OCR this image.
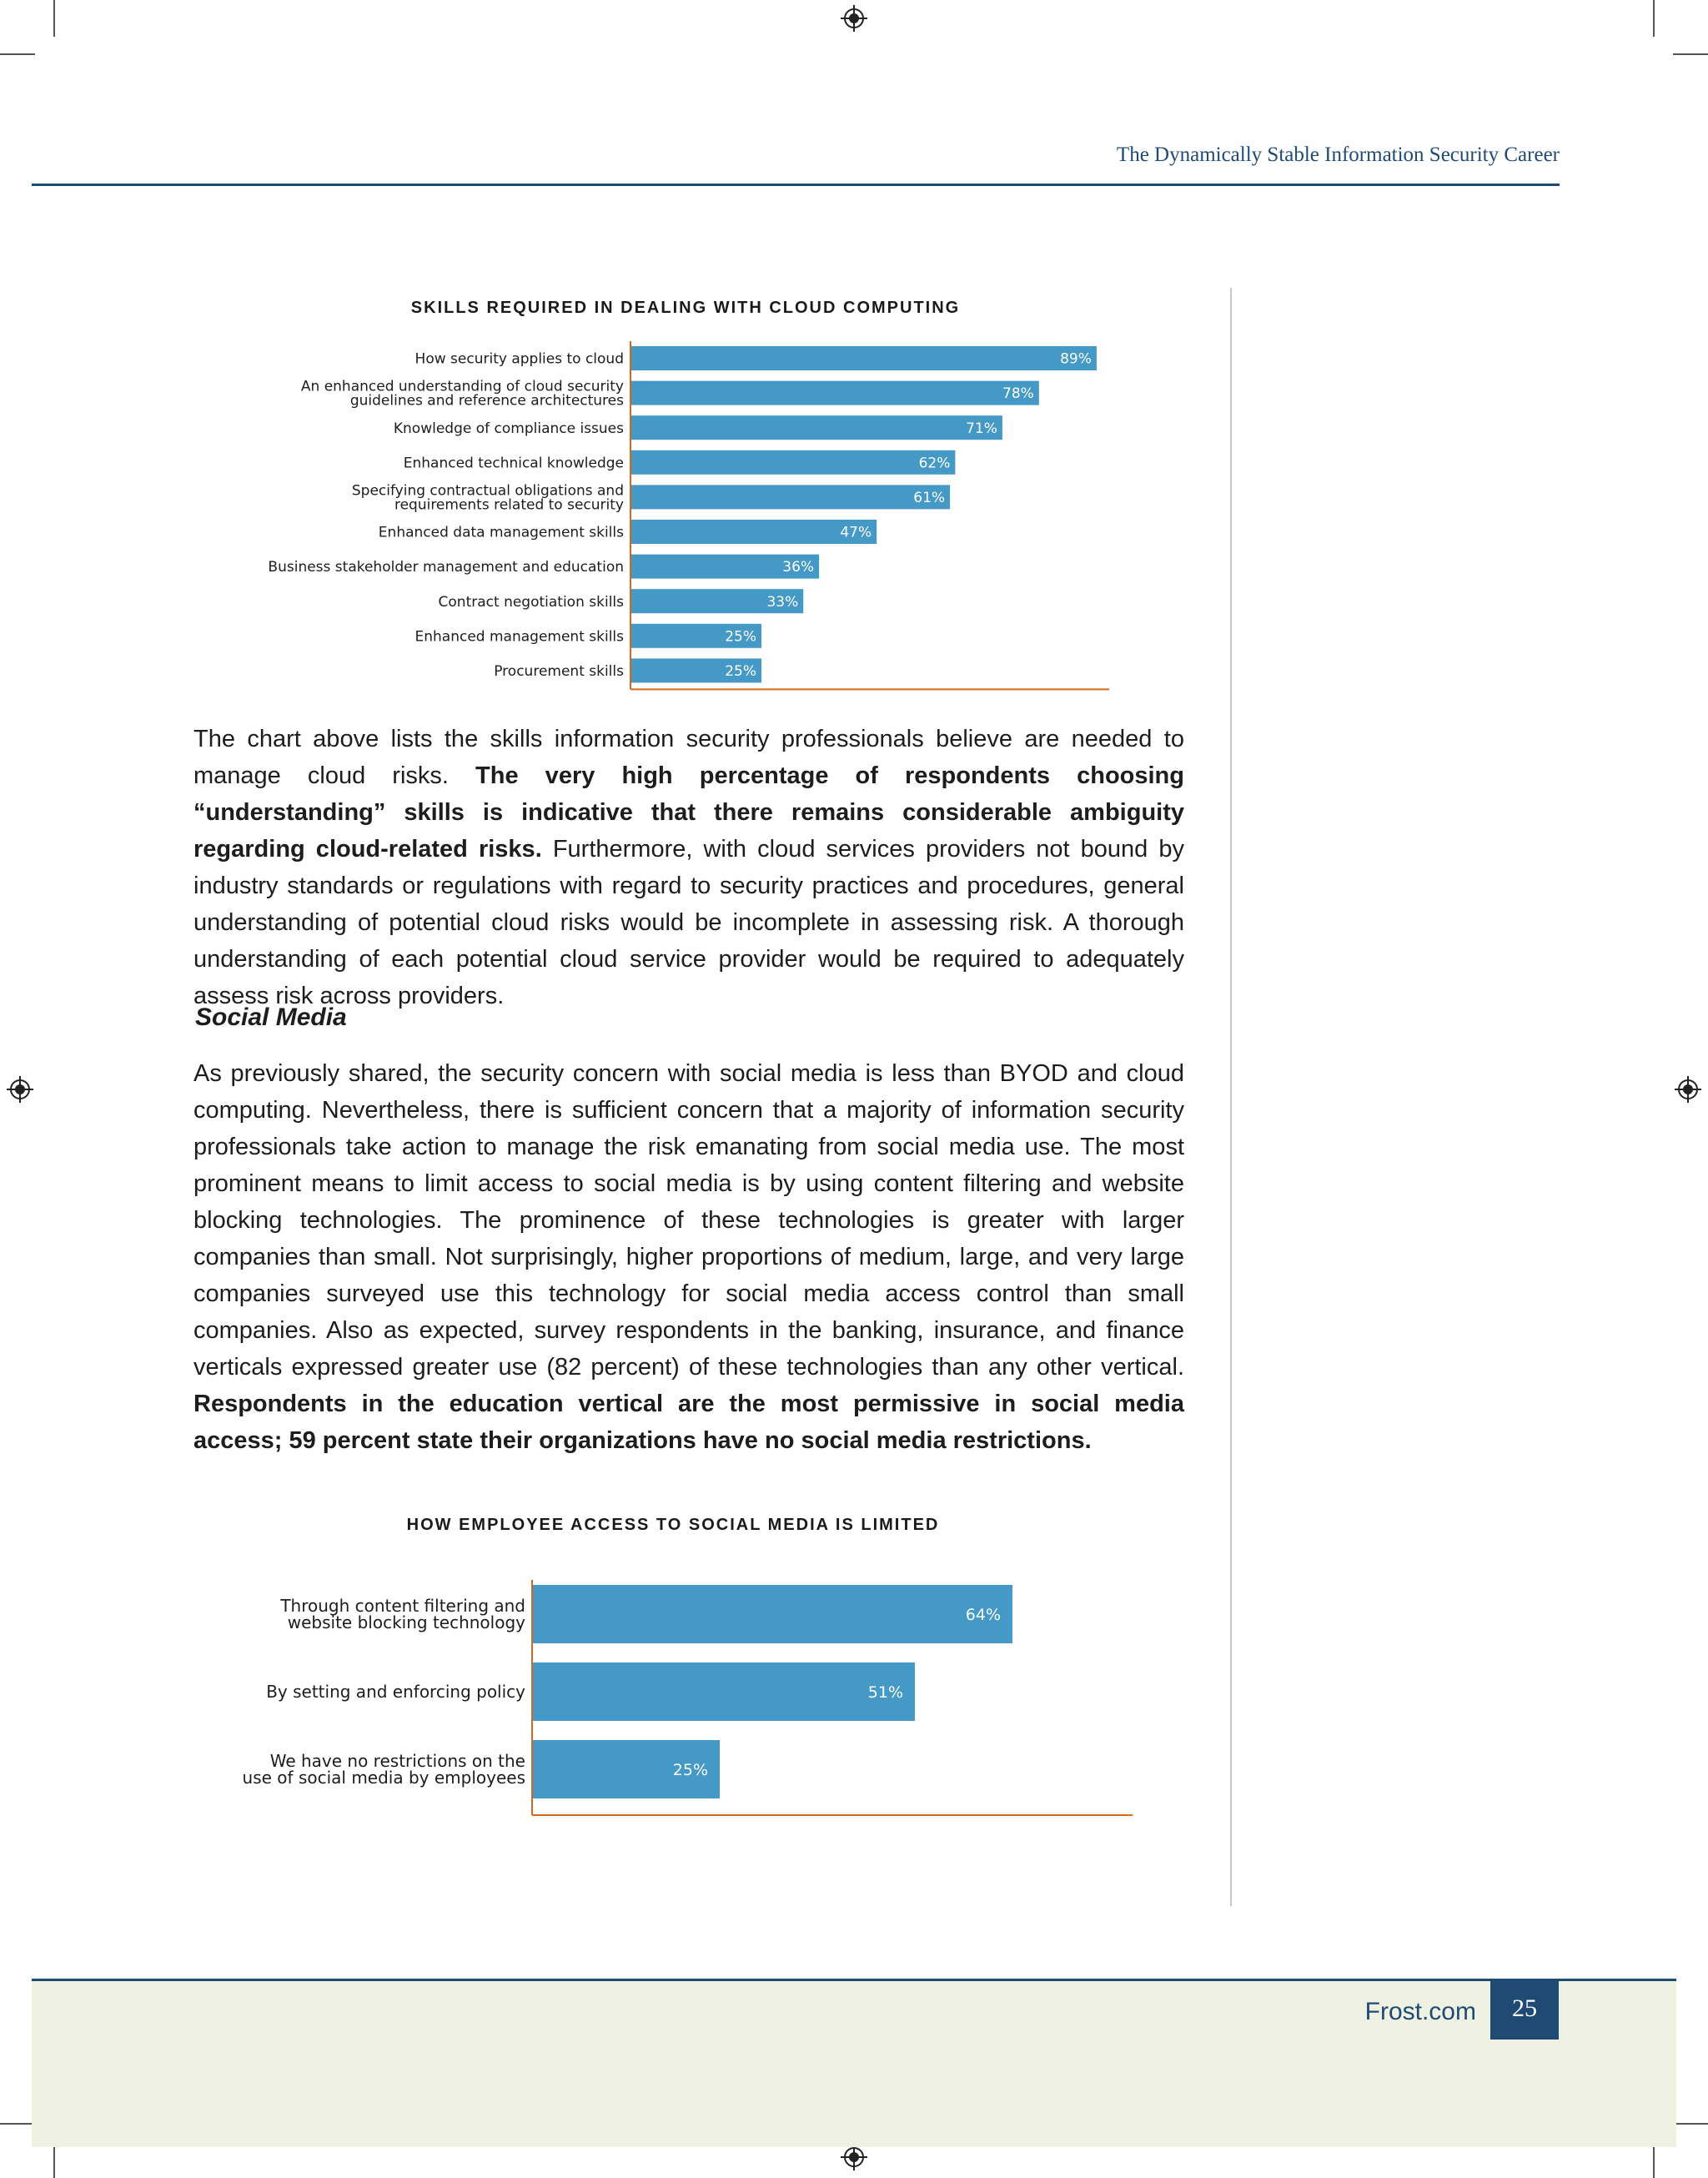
The Dynamically Stable Information Security Career
SKILLS REQUIRED IN DEALING WITH CLOUD COMPUTING
89%
How security applies to cloud
78%
An enhanced understanding of cloud security
guidelines and reference architectures
71%
Knowledge of compliance issues
62%
Enhanced technical knowledge
61%
Specifying contractual obligations and
requirements related to security
47%
Enhanced data management skills
36%
Business stakeholder management and education
33%
Contract negotiation skills
25%
Enhanced management skills
25%
Procurement skills
The chart above lists the skills information security professionals believe are needed to manage cloud risks. The very high percentage of respondents choosing “understanding” skills is indicative that there remains considerable ambiguity regarding cloud-related risks. Furthermore, with cloud services providers not bound by industry standards or regulations with regard to security practices and procedures, general understanding of potential cloud risks would be incomplete in assessing risk. A thorough understanding of each potential cloud service provider would be required to adequately assess risk across providers.
Social Media
As previously shared, the security concern with social media is less than BYOD and cloud computing. Nevertheless, there is sufficient concern that a majority of information security professionals take action to manage the risk emanating from social media use. The most prominent means to limit access to social media is by using content filtering and website blocking technologies. The prominence of these technologies is greater with larger companies than small. Not surprisingly, higher proportions of medium, large, and very large companies surveyed use this technology for social media access control than small companies. Also as expected, survey respondents in the banking, insurance, and finance verticals expressed greater use (82 percent) of these technologies than any other vertical. Respondents in the education vertical are the most permissive in social media access; 59 percent state their organizations have no social media restrictions.
HOW EMPLOYEE ACCESS TO SOCIAL MEDIA IS LIMITED
64%
Through content filtering and
website blocking technology
51%
By setting and enforcing policy
25%
We have no restrictions on the
use of social media by employees
Frost.com	25
